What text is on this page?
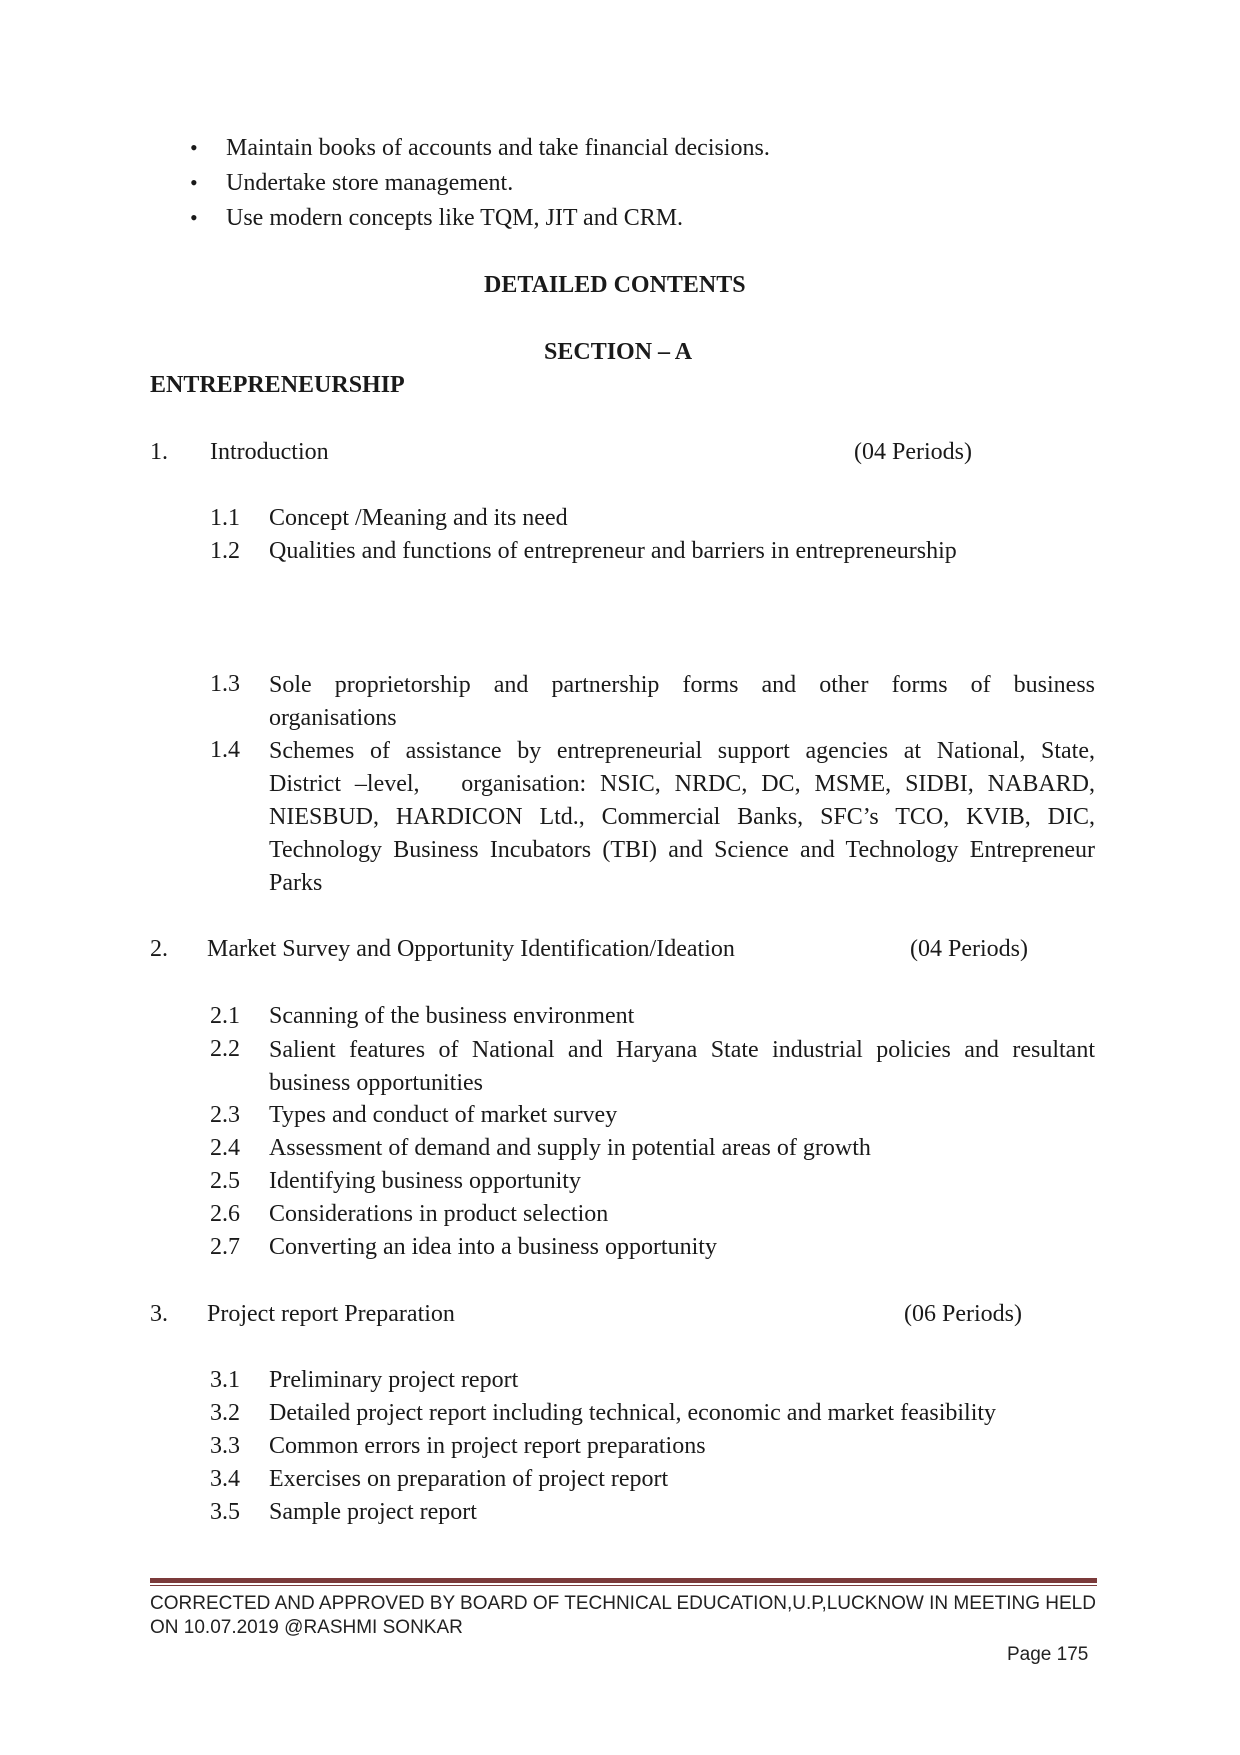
• Maintain books of accounts and take financial decisions.
• Undertake store management.
• Use modern concepts like TQM, JIT and CRM.
DETAILED CONTENTS
SECTION – A
ENTREPRENEURSHIP
1. Introduction	(04 Periods)
1.1 Concept /Meaning and its need
1.2 Qualities and functions of entrepreneur and barriers in entrepreneurship
1.3 Sole proprietorship and partnership forms and other forms of business
organisations
1.4 Schemes of assistance by entrepreneurial support agencies at National, State,
District –level,   organisation: NSIC, NRDC, DC, MSME, SIDBI, NABARD,
NIESBUD, HARDICON Ltd., Commercial Banks, SFC’s TCO, KVIB, DIC,
Technology Business Incubators (TBI) and Science and Technology Entrepreneur
Parks
2. Market Survey and Opportunity Identification/Ideation	(04 Periods)
2.1 Scanning of the business environment
2.2 Salient features of National and Haryana State industrial policies and resultant
business opportunities
2.3 Types and conduct of market survey
2.4 Assessment of demand and supply in potential areas of growth
2.5 Identifying business opportunity
2.6 Considerations in product selection
2.7 Converting an idea into a business opportunity
3. Project report Preparation	(06 Periods)
3.1 Preliminary project report
3.2 Detailed project report including technical, economic and market feasibility
3.3 Common errors in project report preparations
3.4 Exercises on preparation of project report
3.5 Sample project report
CORRECTED AND APPROVED BY BOARD OF TECHNICAL EDUCATION,U.P,LUCKNOW IN MEETING HELD
ON 10.07.2019 @RASHMI SONKAR
Page 175
